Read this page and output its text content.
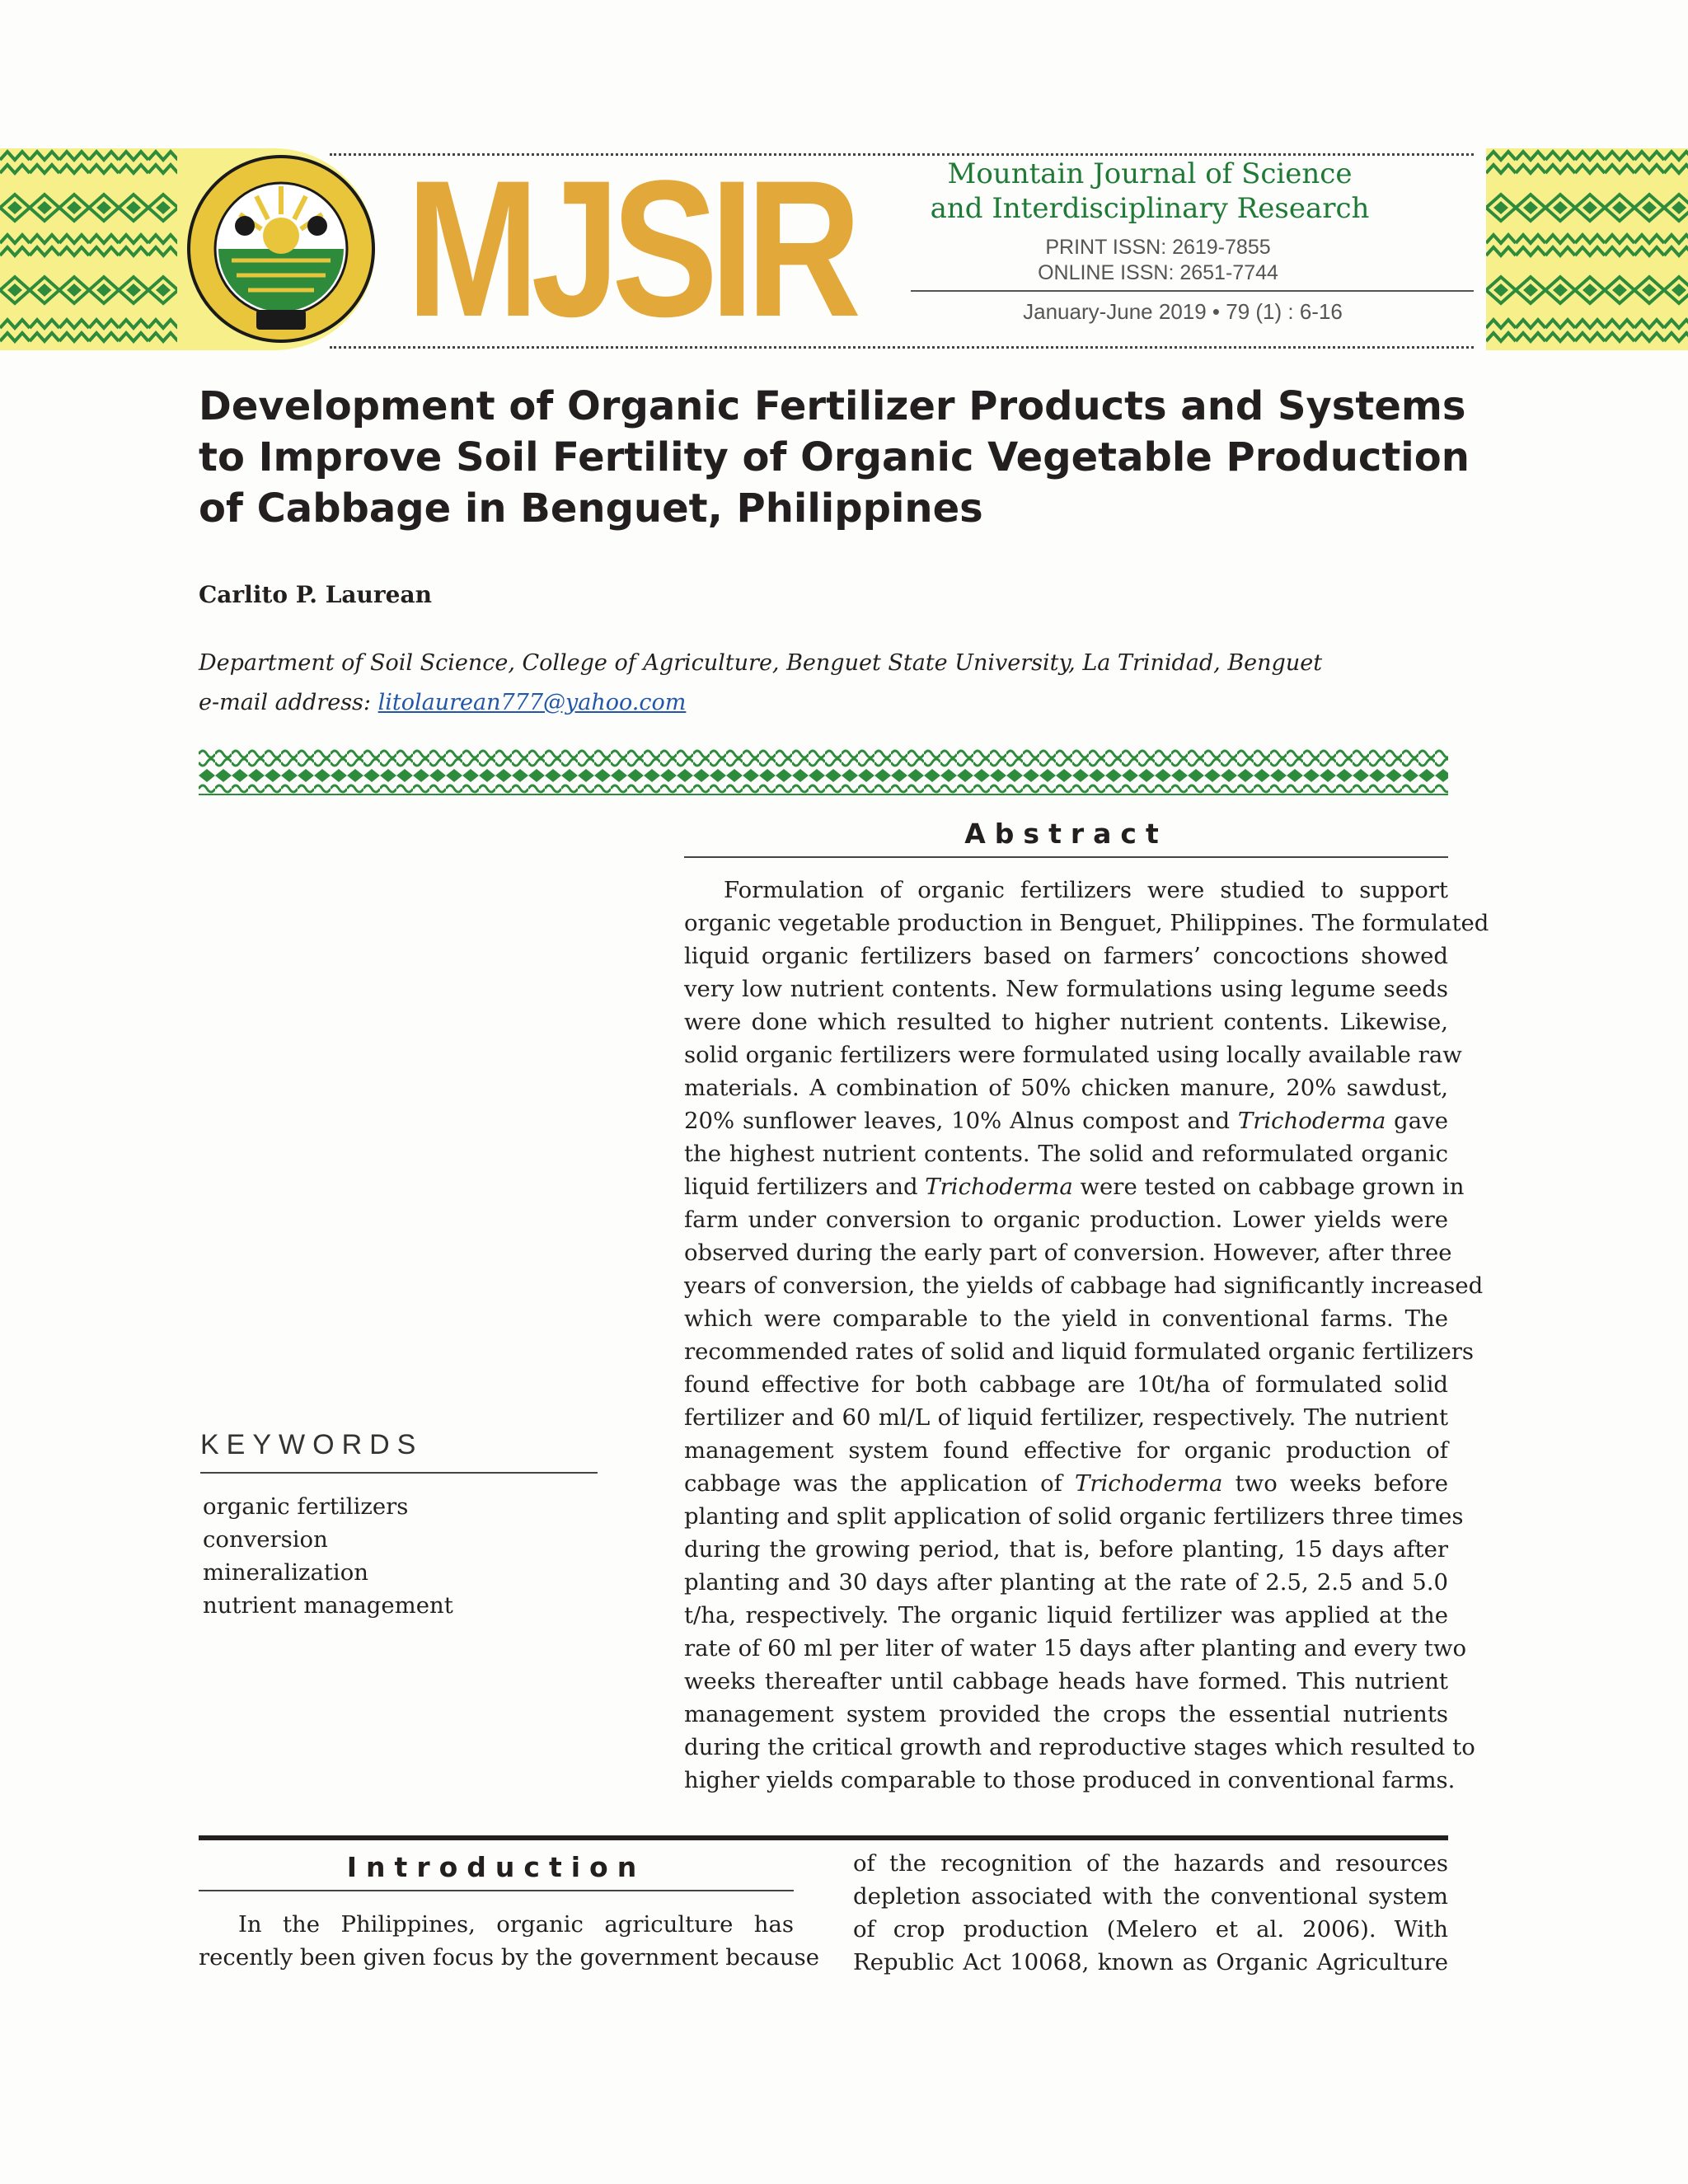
MJSIR	Mountain Journal of Science
and Interdisciplinary Research
PRINT ISSN: 2619-7855
ONLINE ISSN: 2651-7744
January-June 2019 • 79 (1) : 6-16
Development of Organic Fertilizer Products and Systems
to Improve Soil Fertility of Organic Vegetable Production
of Cabbage in Benguet, Philippines
Carlito P. Laurean
Department of Soil Science, College of Agriculture, Benguet State University, La Trinidad, Benguet
e-mail address: litolaurean777@yahoo.com
Abstract
Formulation of organic fertilizers were studied to support
organic vegetable production in Benguet, Philippines. The formulated
liquid organic fertilizers based on farmers’ concoctions showed
very low nutrient contents. New formulations using legume seeds
were done which resulted to higher nutrient contents. Likewise,
solid organic fertilizers were formulated using locally available raw
materials. A combination of 50% chicken manure, 20% sawdust,
20% sunflower leaves, 10% Alnus compost and Trichoderma gave
the highest nutrient contents. The solid and reformulated organic
liquid fertilizers and Trichoderma were tested on cabbage grown in
farm under conversion to organic production. Lower yields were
observed during the early part of conversion. However, after three
years of conversion, the yields of cabbage had significantly increased
which were comparable to the yield in conventional farms. The
recommended rates of solid and liquid formulated organic fertilizers
found effective for both cabbage are 10t/ha of formulated solid
fertilizer and 60 ml/L of liquid fertilizer, respectively. The nutrient
management system found effective for organic production of
cabbage was the application of Trichoderma two weeks before
planting and split application of solid organic fertilizers three times
during the growing period, that is, before planting, 15 days after
planting and 30 days after planting at the rate of 2.5, 2.5 and 5.0
t/ha, respectively. The organic liquid fertilizer was applied at the
rate of 60 ml per liter of water 15 days after planting and every two
weeks thereafter until cabbage heads have formed. This nutrient
management system provided the crops the essential nutrients
during the critical growth and reproductive stages which resulted to
higher yields comparable to those produced in conventional farms.
KEYWORDS
organic fertilizers
conversion
mineralization
nutrient management
Introduction
In the Philippines, organic agriculture has
recently been given focus by the government because
of the recognition of the hazards and resources
depletion associated with the conventional system
of crop production (Melero et al. 2006). With
Republic Act 10068, known as Organic Agriculture
